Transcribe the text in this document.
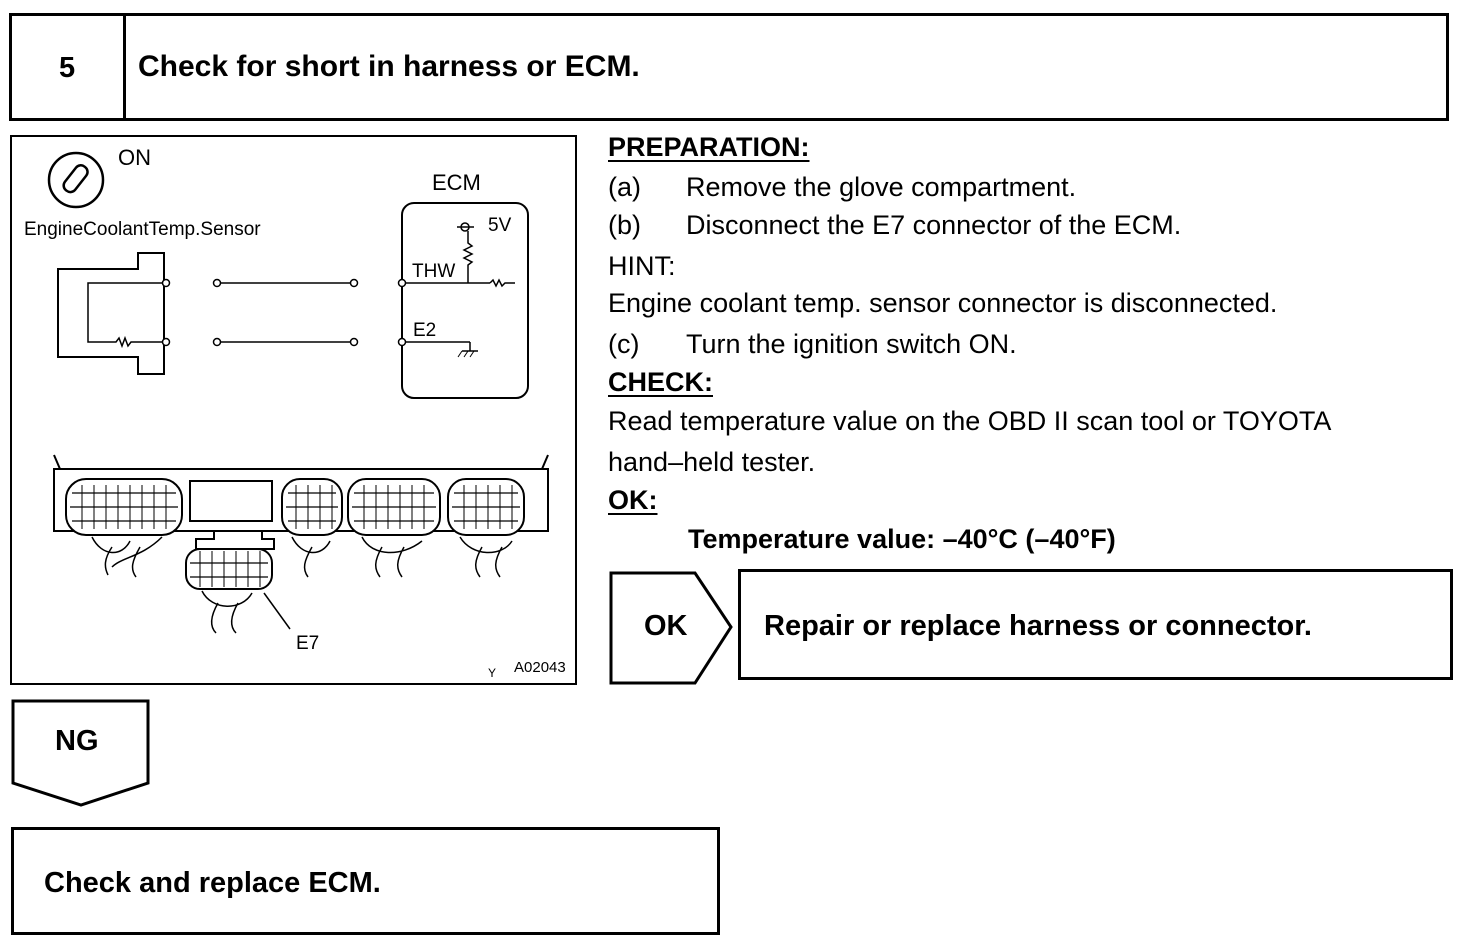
5 Check for short in harness or ECM.
ON
EngineCoolantTemp.Sensor
ECM
5V
THW
E2
E7
Y A02043
PREPARATION:
(a) Remove the glove compartment.
(b) Disconnect the E7 connector of the ECM.
HINT:
Engine coolant temp. sensor connector is disconnected.
(c) Turn the ignition switch ON.
CHECK:
Read temperature value on the OBD II scan tool or TOYOTA
hand–held tester.
OK:
Temperature value: –40°C (–40°F)
OK	Repair or replace harness or connector.
NG
Check and replace ECM.
